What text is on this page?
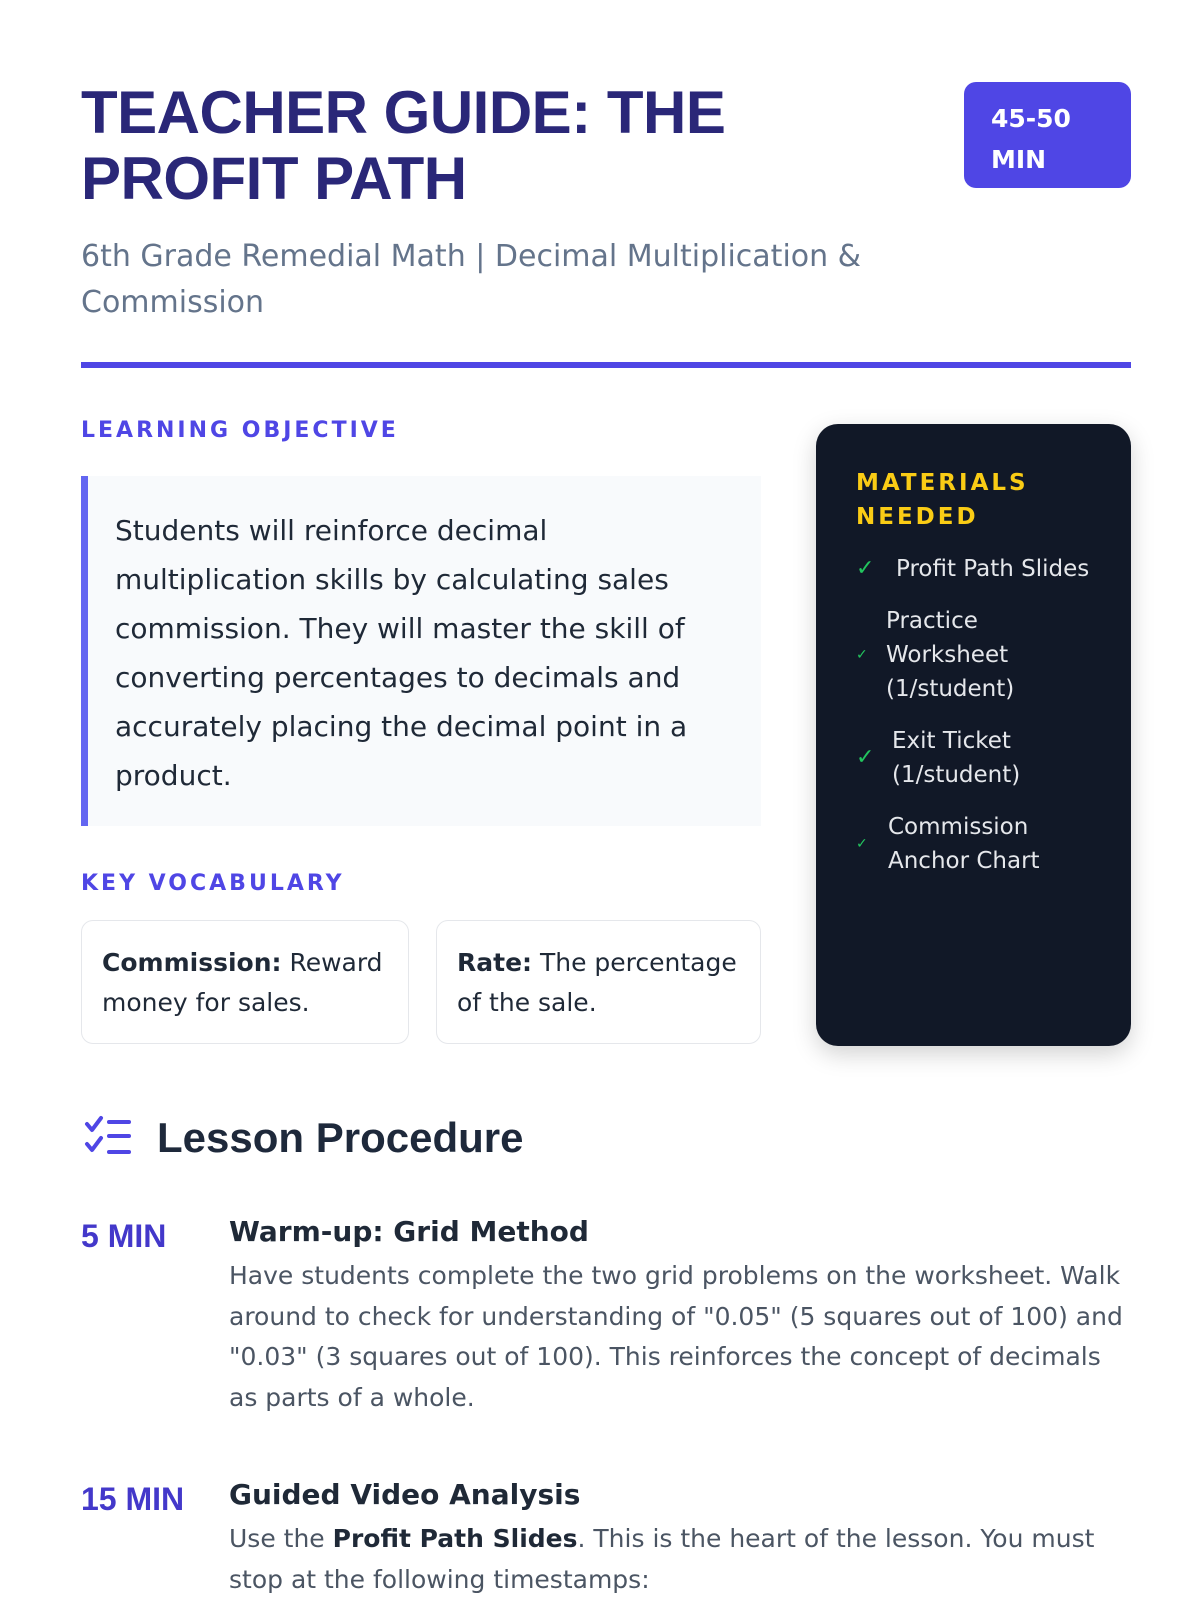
TEACHER GUIDE: THE PROFIT PATH
6th Grade Remedial Math | Decimal Multiplication & Commission
45-50 MIN
LEARNING OBJECTIVE

Students will reinforce decimal multiplication skills by calculating sales commission. They will master the skill of converting percentages to decimals and accurately placing the decimal point in a product.

KEY VOCABULARY
Commission: Reward money for sales.
Rate: The percentage of the sale.
MATERIALS NEEDED
✓ Profit Path Slides
✓
Practice Worksheet (1/student)
✓
Exit Ticket (1/student)
✓
Commission Anchor Chart
Lesson Procedure
5 MIN	Warm-up: Grid Method
Have students complete the two grid problems on the worksheet. Walk around to check for understanding of "0.05" (5 squares out of 100) and "0.03" (3 squares out of 100). This reinforces the concept of decimals as parts of a whole.
15 MIN	Guided Video Analysis
Use the Profit Path Slides. This is the heart of the lesson. You must stop at the following timestamps:
